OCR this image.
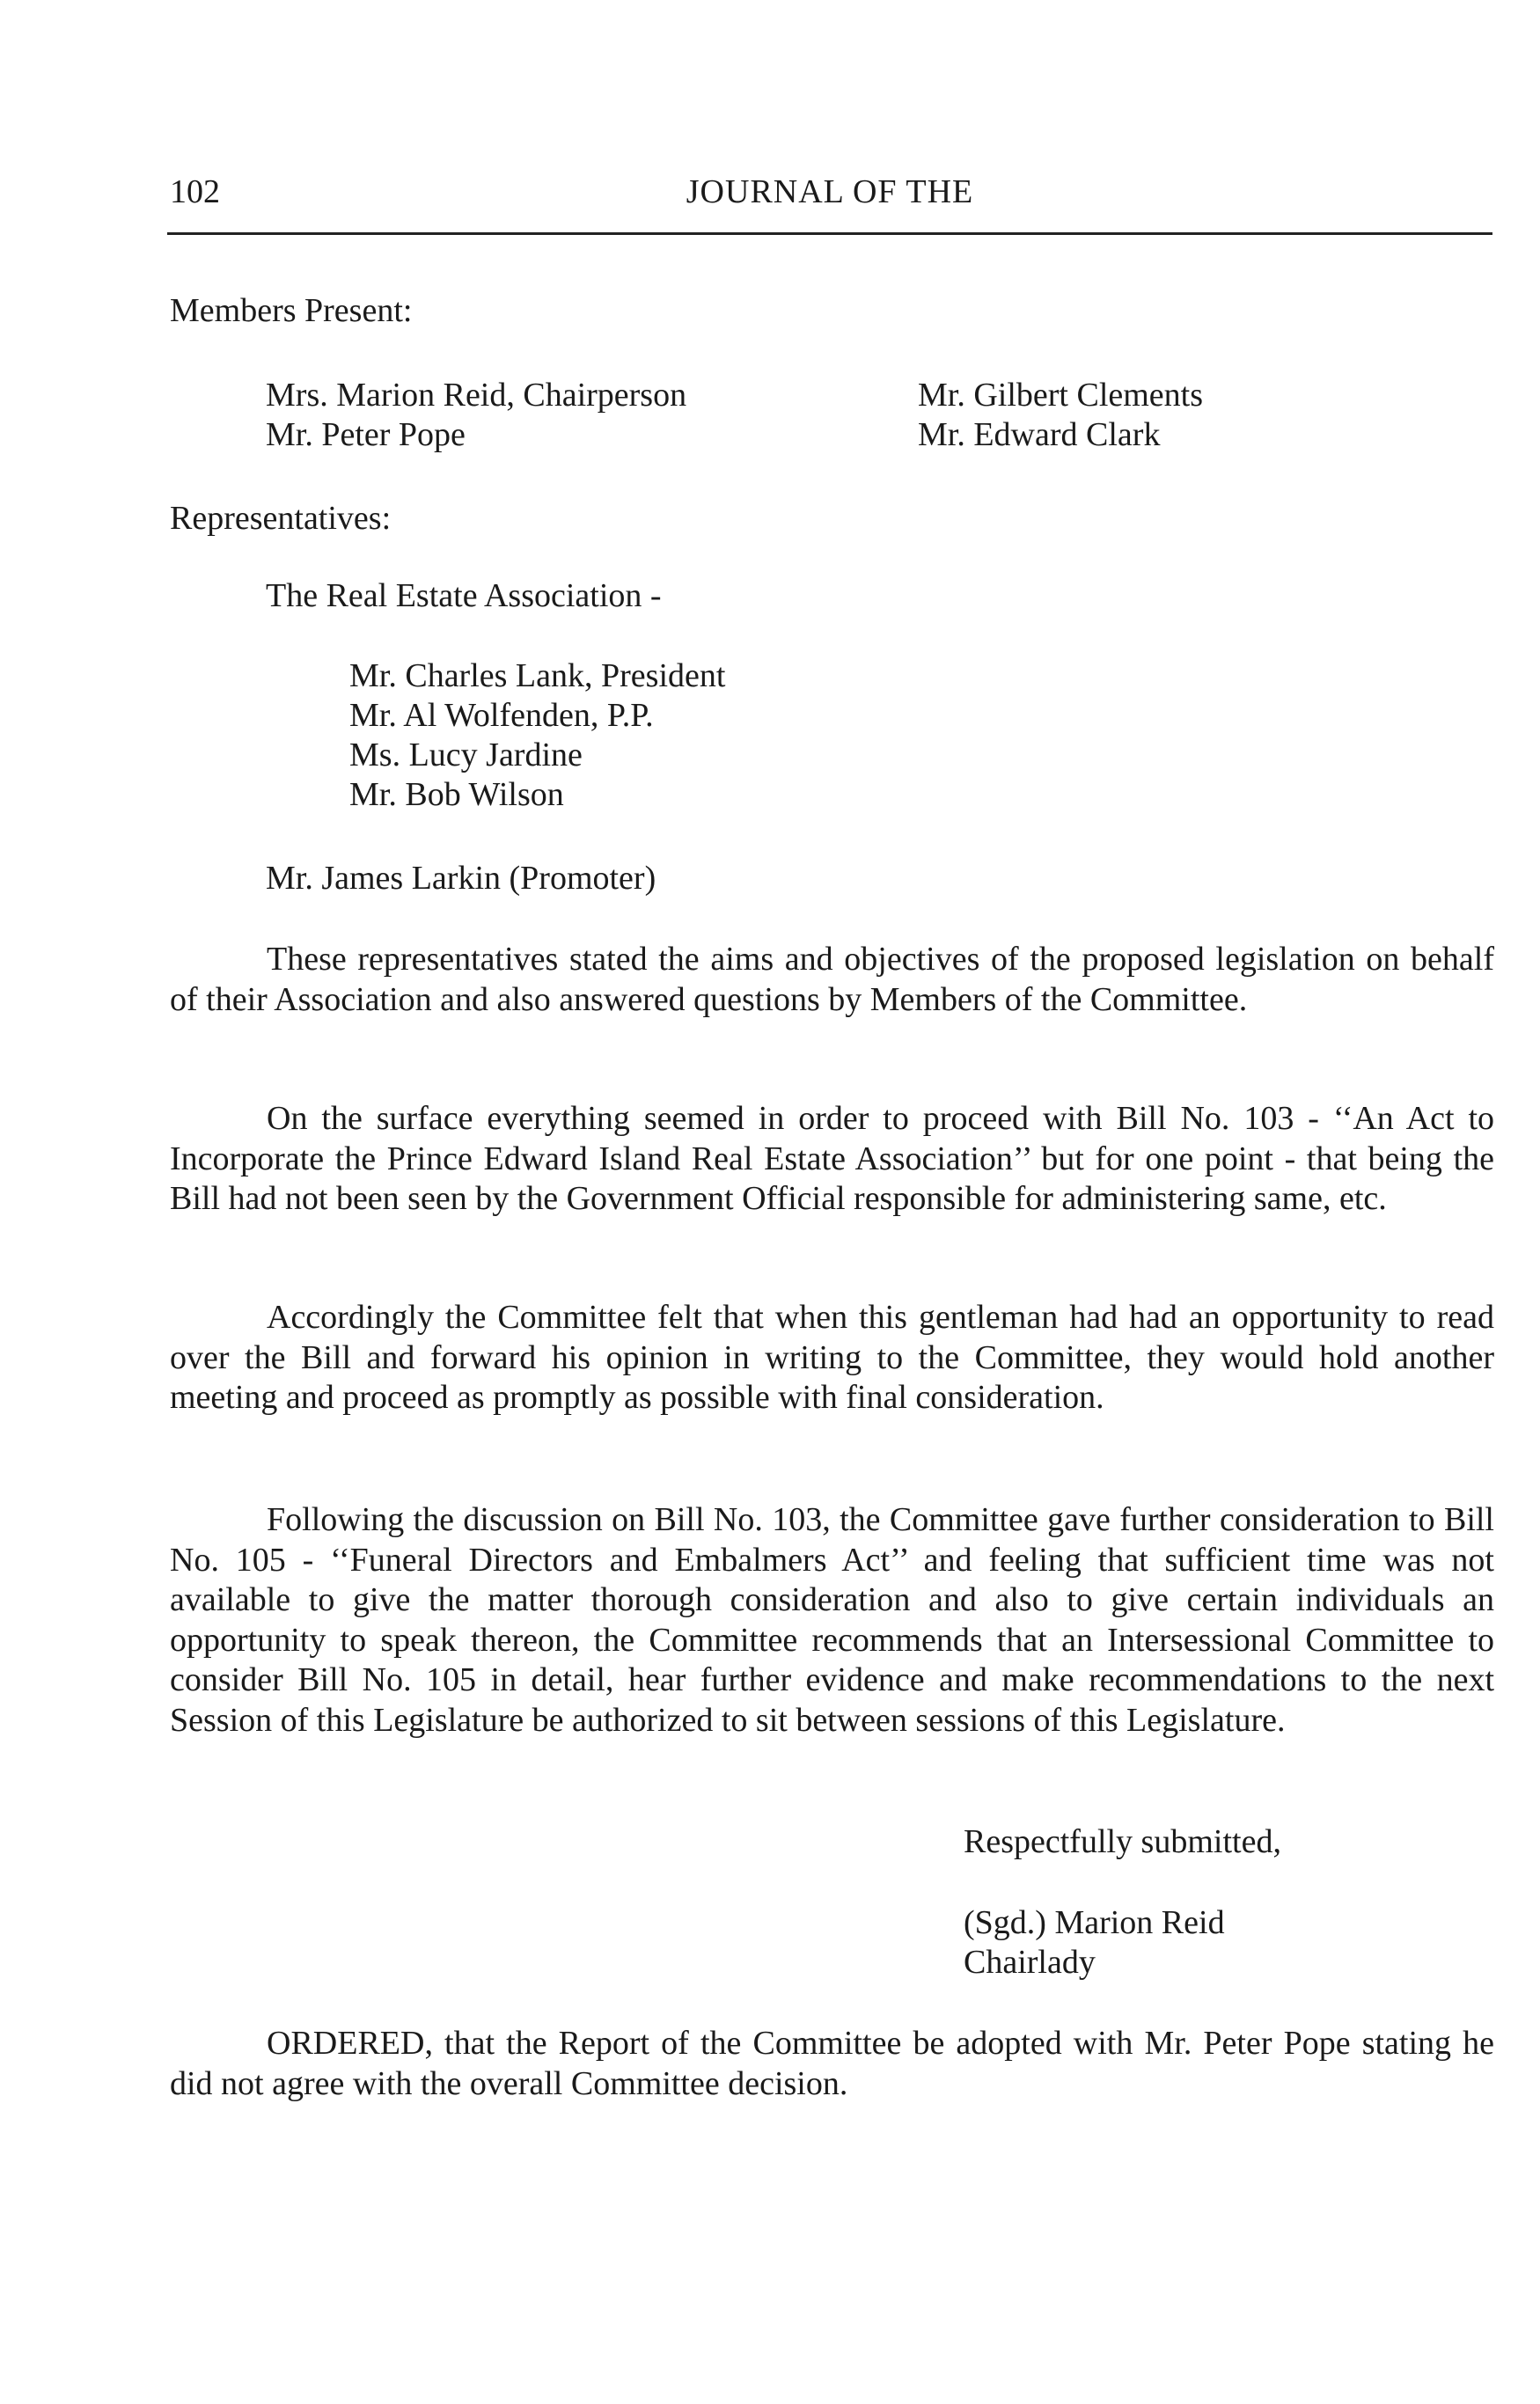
102	JOURNAL OF THE
Members Present:
Mrs. Marion Reid, Chairperson
Mr. Peter Pope
Mr. Gilbert Clements
Mr. Edward Clark
Representatives:
The Real Estate Association -
Mr. Charles Lank, President
Mr. Al Wolfenden, P.P.
Ms. Lucy Jardine
Mr. Bob Wilson
Mr. James Larkin (Promoter)
These representatives stated the aims and objectives of the proposed legislation on behalf of their Association and also answered questions by Members of the Committee.
On the surface everything seemed in order to proceed with Bill No. 103 - ‘‘An Act to Incorporate the Prince Edward Island Real Estate Association’’ but for one point - that being the Bill had not been seen by the Government Official responsible for administering same, etc.
Accordingly the Committee felt that when this gentleman had had an opportunity to read over the Bill and forward his opinion in writing to the Committee, they would hold another meeting and proceed as promptly as possible with final consideration.
Following the discussion on Bill No. 103, the Committee gave further consideration to Bill No. 105 - ‘‘Funeral Directors and Embalmers Act’’ and feeling that sufficient time was not available to give the matter thorough consideration and also to give certain individuals an opportunity to speak thereon, the Committee recommends that an Intersessional Committee to consider Bill No. 105 in detail, hear further evidence and make recommendations to the next Session of this Legislature be authorized to sit between sessions of this Legislature.
Respectfully submitted,
(Sgd.) Marion Reid
Chairlady
ORDERED, that the Report of the Committee be adopted with Mr. Peter Pope stating he did not agree with the overall Committee decision.
